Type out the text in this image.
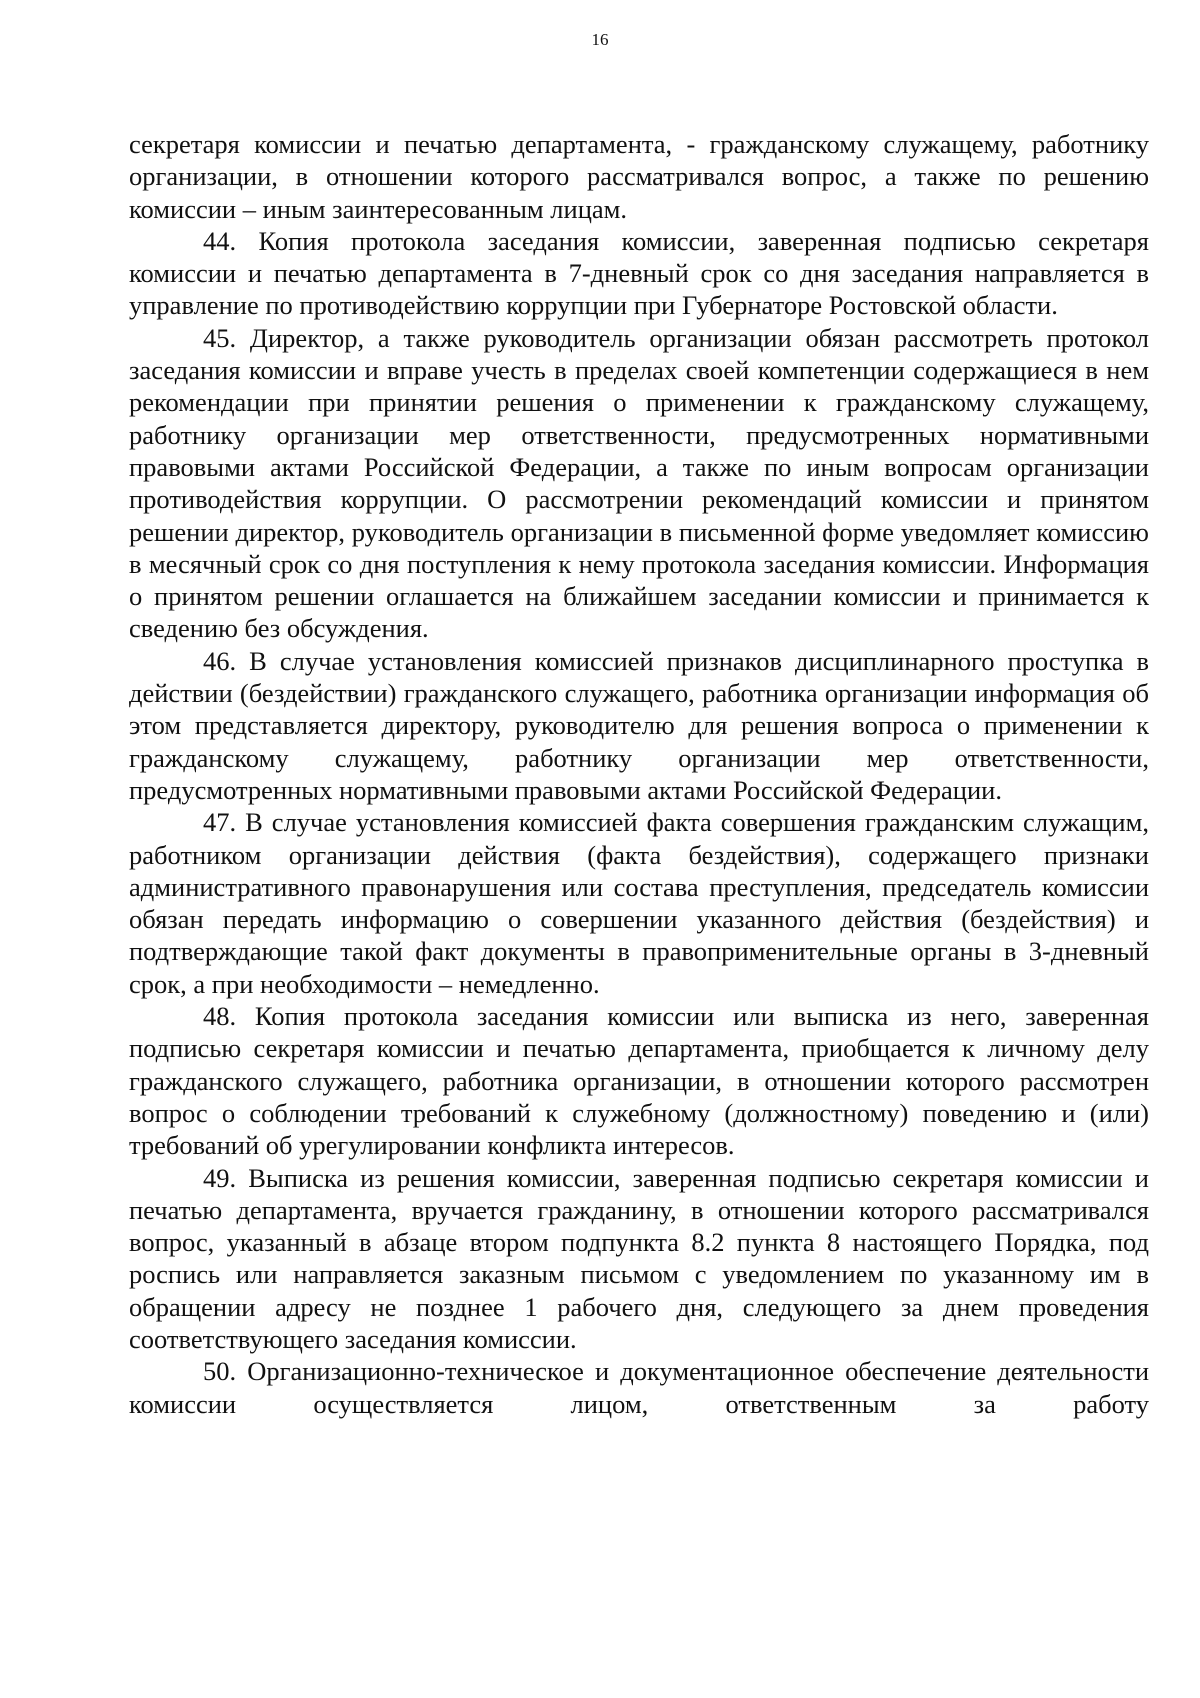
16

секретаря комиссии и печатью департамента, - гражданскому служащему, работнику организации, в отношении которого рассматривался вопрос, а также по решению комиссии – иным заинтересованным лицам.

44. Копия протокола заседания комиссии, заверенная подписью секретаря комиссии и печатью департамента в 7-дневный срок со дня заседания направляется в управление по противодействию коррупции при Губернаторе Ростовской области.

45. Директор, а также руководитель организации обязан рассмотреть протокол заседания комиссии и вправе учесть в пределах своей компетенции содержащиеся в нем рекомендации при принятии решения о применении к гражданскому служащему, работнику организации мер ответственности, предусмотренных нормативными правовыми актами Российской Федерации, а также по иным вопросам организации противодействия коррупции. О рассмотрении рекомендаций комиссии и принятом решении директор, руководитель организации в письменной форме уведомляет комиссию в месячный срок со дня поступления к нему протокола заседания комиссии. Информация о принятом решении оглашается на ближайшем заседании комиссии и принимается к сведению без обсуждения.

46. В случае установления комиссией признаков дисциплинарного проступка в действии (бездействии) гражданского служащего, работника организации информация об этом представляется директору, руководителю для решения вопроса о применении к гражданскому служащему, работнику организации мер ответственности, предусмотренных нормативными правовыми актами Российской Федерации.

47. В случае установления комиссией факта совершения гражданским служащим, работником организации действия (факта бездействия), содержащего признаки административного правонарушения или состава преступления, председатель комиссии обязан передать информацию о совершении указанного действия (бездействия) и подтверждающие такой факт документы в правоприменительные органы в 3-дневный срок, а при необходимости – немедленно.

48. Копия протокола заседания комиссии или выписка из него, заверенная подписью секретаря комиссии и печатью департамента, приобщается к личному делу гражданского служащего, работника организации, в отношении которого рассмотрен вопрос о соблюдении требований к служебному (должностному) поведению и (или) требований об урегулировании конфликта интересов.

49. Выписка из решения комиссии, заверенная подписью секретаря комиссии и печатью департамента, вручается гражданину, в отношении которого рассматривался вопрос, указанный в абзаце втором подпункта 8.2 пункта 8 настоящего Порядка, под роспись или направляется заказным письмом с уведомлением по указанному им в обращении адресу не позднее 1 рабочего дня, следующего за днем проведения соответствующего заседания комиссии.

50. Организационно-техническое и документационное обеспечение деятельности комиссии осуществляется лицом, ответственным за работу
